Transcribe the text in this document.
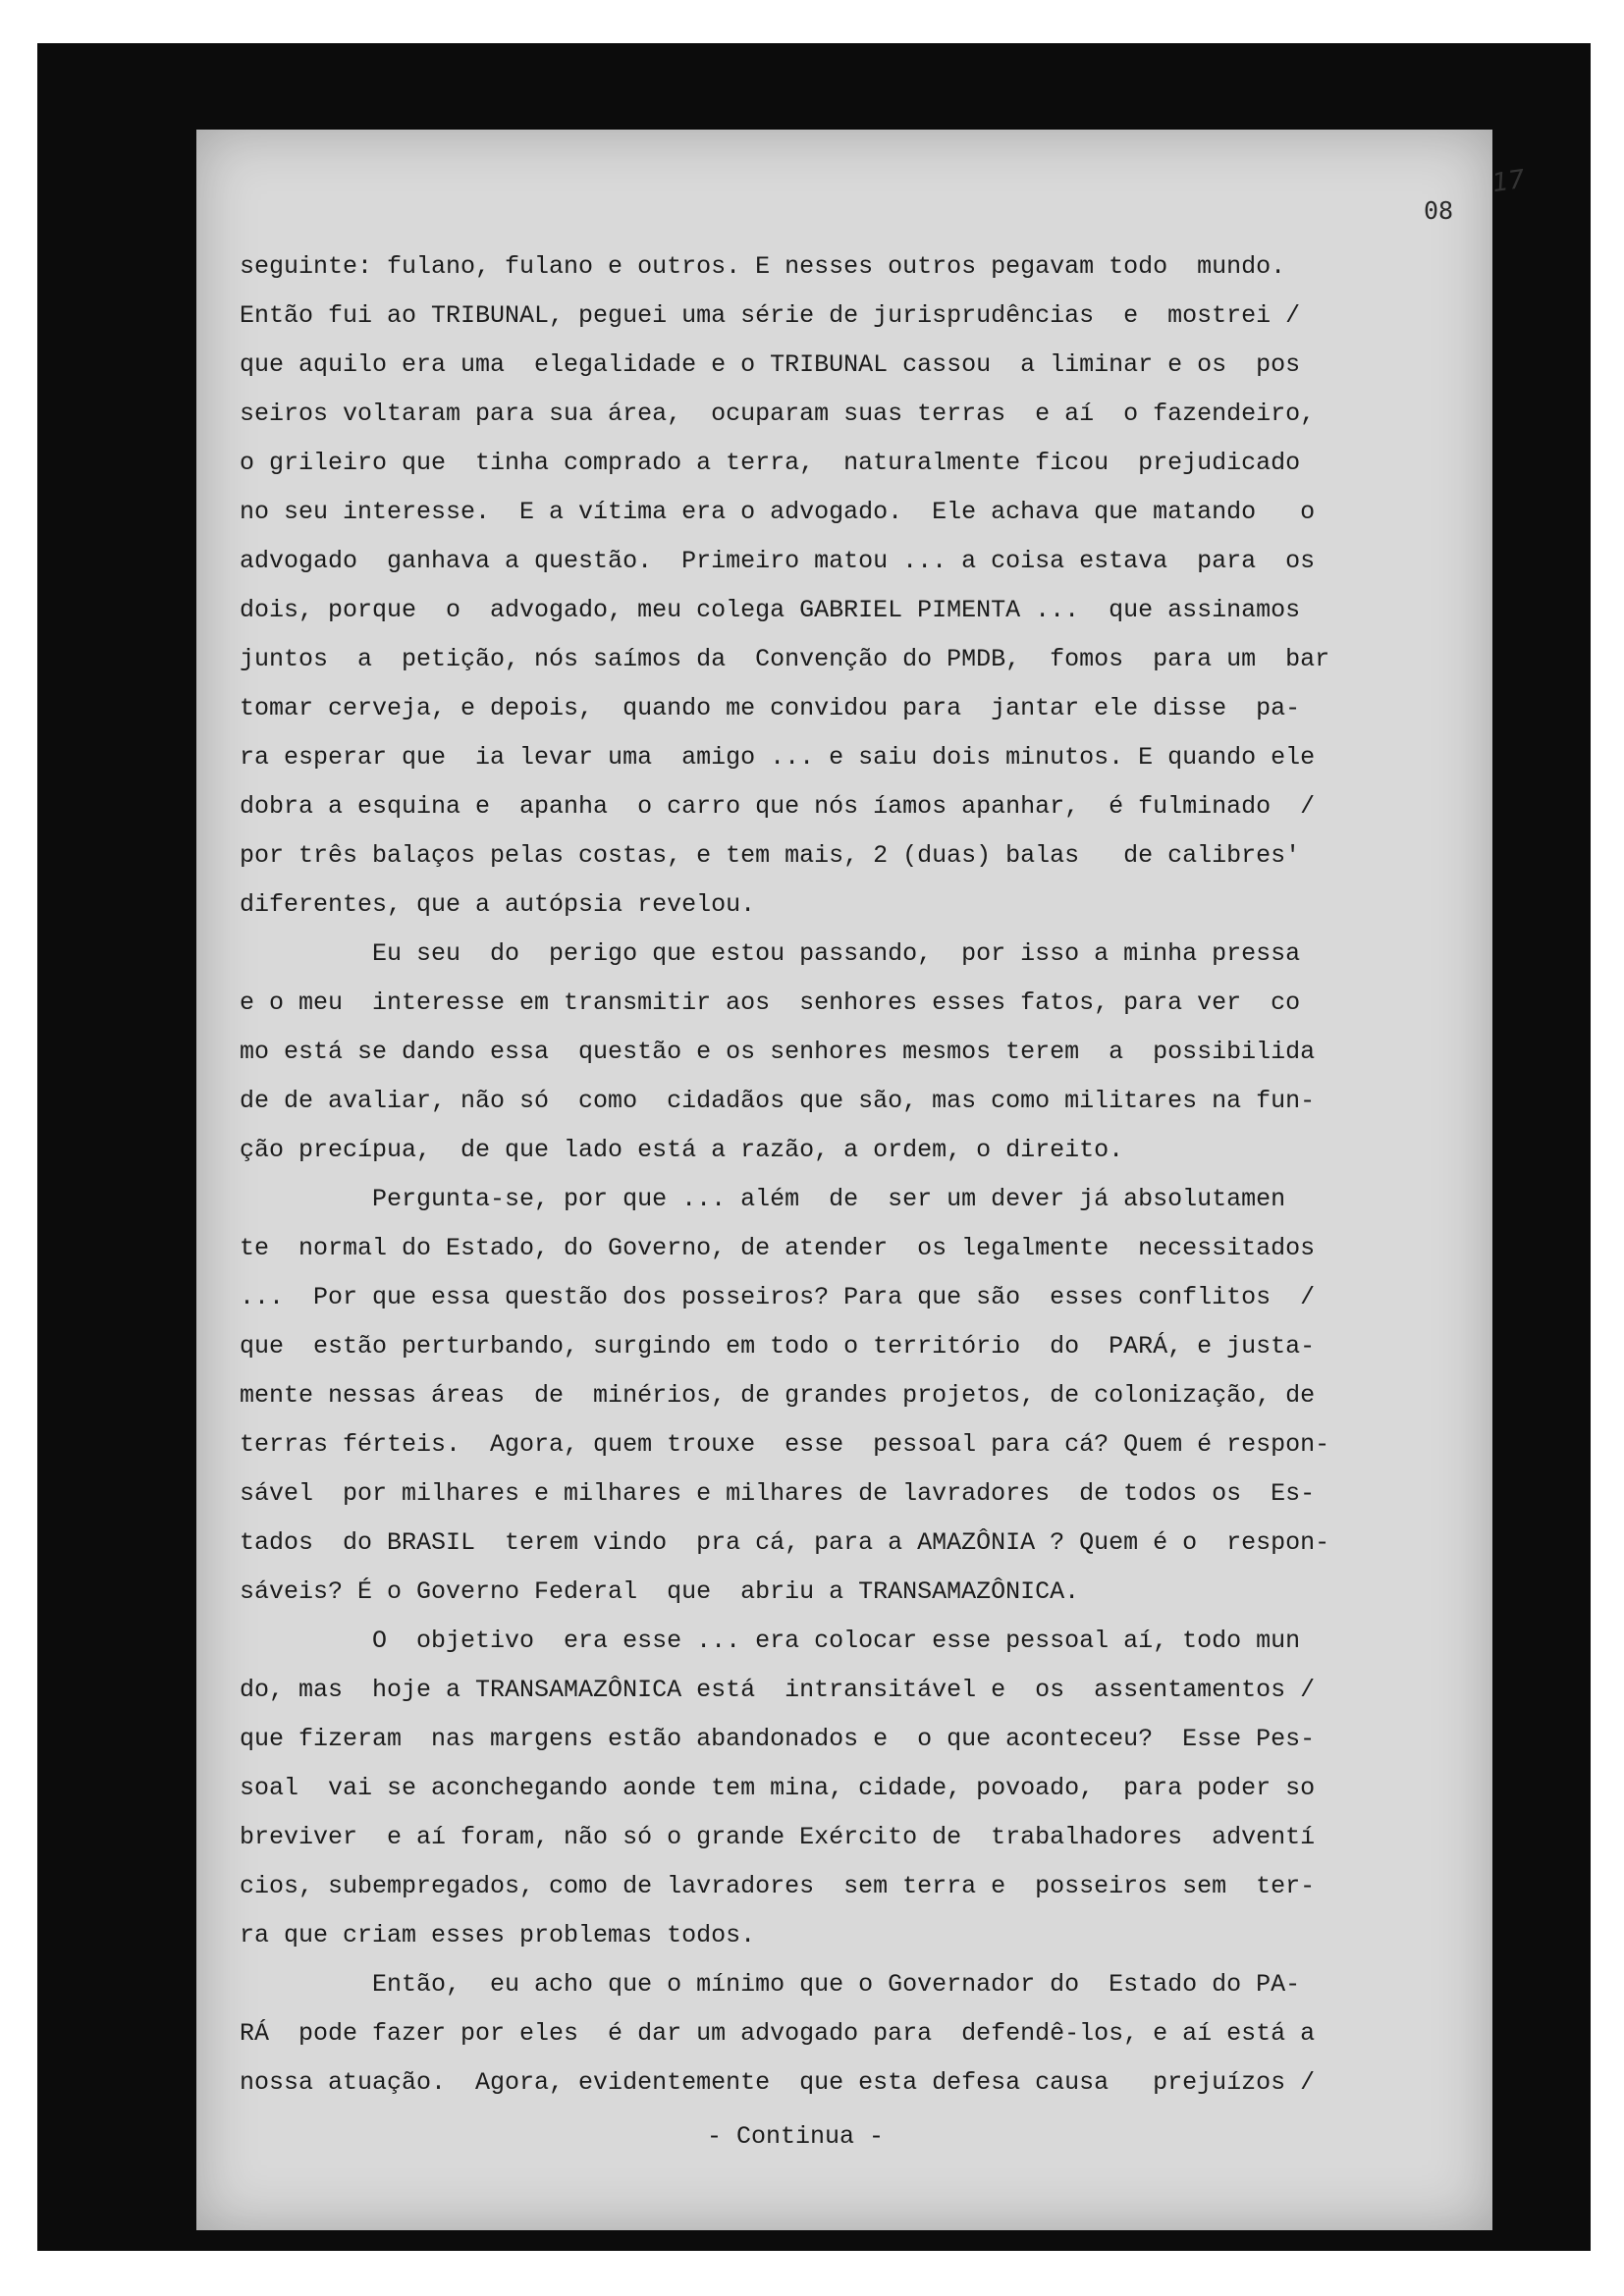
08
17
seguinte: fulano, fulano e outros. E nesses outros pegavam todo  mundo.
Então fui ao TRIBUNAL, peguei uma série de jurisprudências  e  mostrei /
que aquilo era uma  elegalidade e o TRIBUNAL cassou  a liminar e os  pos
seiros voltaram para sua área,  ocuparam suas terras  e aí  o fazendeiro,
o grileiro que  tinha comprado a terra,  naturalmente ficou  prejudicado
no seu interesse.  E a vítima era o advogado.  Ele achava que matando   o
advogado  ganhava a questão.  Primeiro matou ... a coisa estava  para  os
dois, porque  o  advogado, meu colega GABRIEL PIMENTA ...  que assinamos
juntos  a  petição, nós saímos da  Convenção do PMDB,  fomos  para um  bar
tomar cerveja, e depois,  quando me convidou para  jantar ele disse  pa-
ra esperar que  ia levar uma  amigo ... e saiu dois minutos. E quando ele
dobra a esquina e  apanha  o carro que nós íamos apanhar,  é fulminado  /
por três balaços pelas costas, e tem mais, 2 (duas) balas   de calibres'
diferentes, que a autópsia revelou.
Eu seu  do  perigo que estou passando,  por isso a minha pressa
e o meu  interesse em transmitir aos  senhores esses fatos, para ver  co
mo está se dando essa  questão e os senhores mesmos terem  a  possibilida
de de avaliar, não só  como  cidadãos que são, mas como militares na fun-
ção precípua,  de que lado está a razão, a ordem, o direito.
Pergunta-se, por que ... além  de  ser um dever já absolutamen
te  normal do Estado, do Governo, de atender  os legalmente  necessitados
...  Por que essa questão dos posseiros? Para que são  esses conflitos  /
que  estão perturbando, surgindo em todo o território  do  PARÁ, e justa-
mente nessas áreas  de  minérios, de grandes projetos, de colonização, de
terras férteis.  Agora, quem trouxe  esse  pessoal para cá? Quem é respon-
sável  por milhares e milhares e milhares de lavradores  de todos os  Es-
tados  do BRASIL  terem vindo  pra cá, para a AMAZÔNIA ? Quem é o  respon-
sáveis? É o Governo Federal  que  abriu a TRANSAMAZÔNICA.
O  objetivo  era esse ... era colocar esse pessoal aí, todo mun
do, mas  hoje a TRANSAMAZÔNICA está  intransitável e  os  assentamentos /
que fizeram  nas margens estão abandonados e  o que aconteceu?  Esse Pes-
soal  vai se aconchegando aonde tem mina, cidade, povoado,  para poder so
breviver  e aí foram, não só o grande Exército de  trabalhadores  adventí
cios, subempregados, como de lavradores  sem terra e  posseiros sem  ter-
ra que criam esses problemas todos.
Então,  eu acho que o mínimo que o Governador do  Estado do PA-
RÁ  pode fazer por eles  é dar um advogado para  defendê-los, e aí está a
nossa atuação.  Agora, evidentemente  que esta defesa causa   prejuízos /
- Continua -
